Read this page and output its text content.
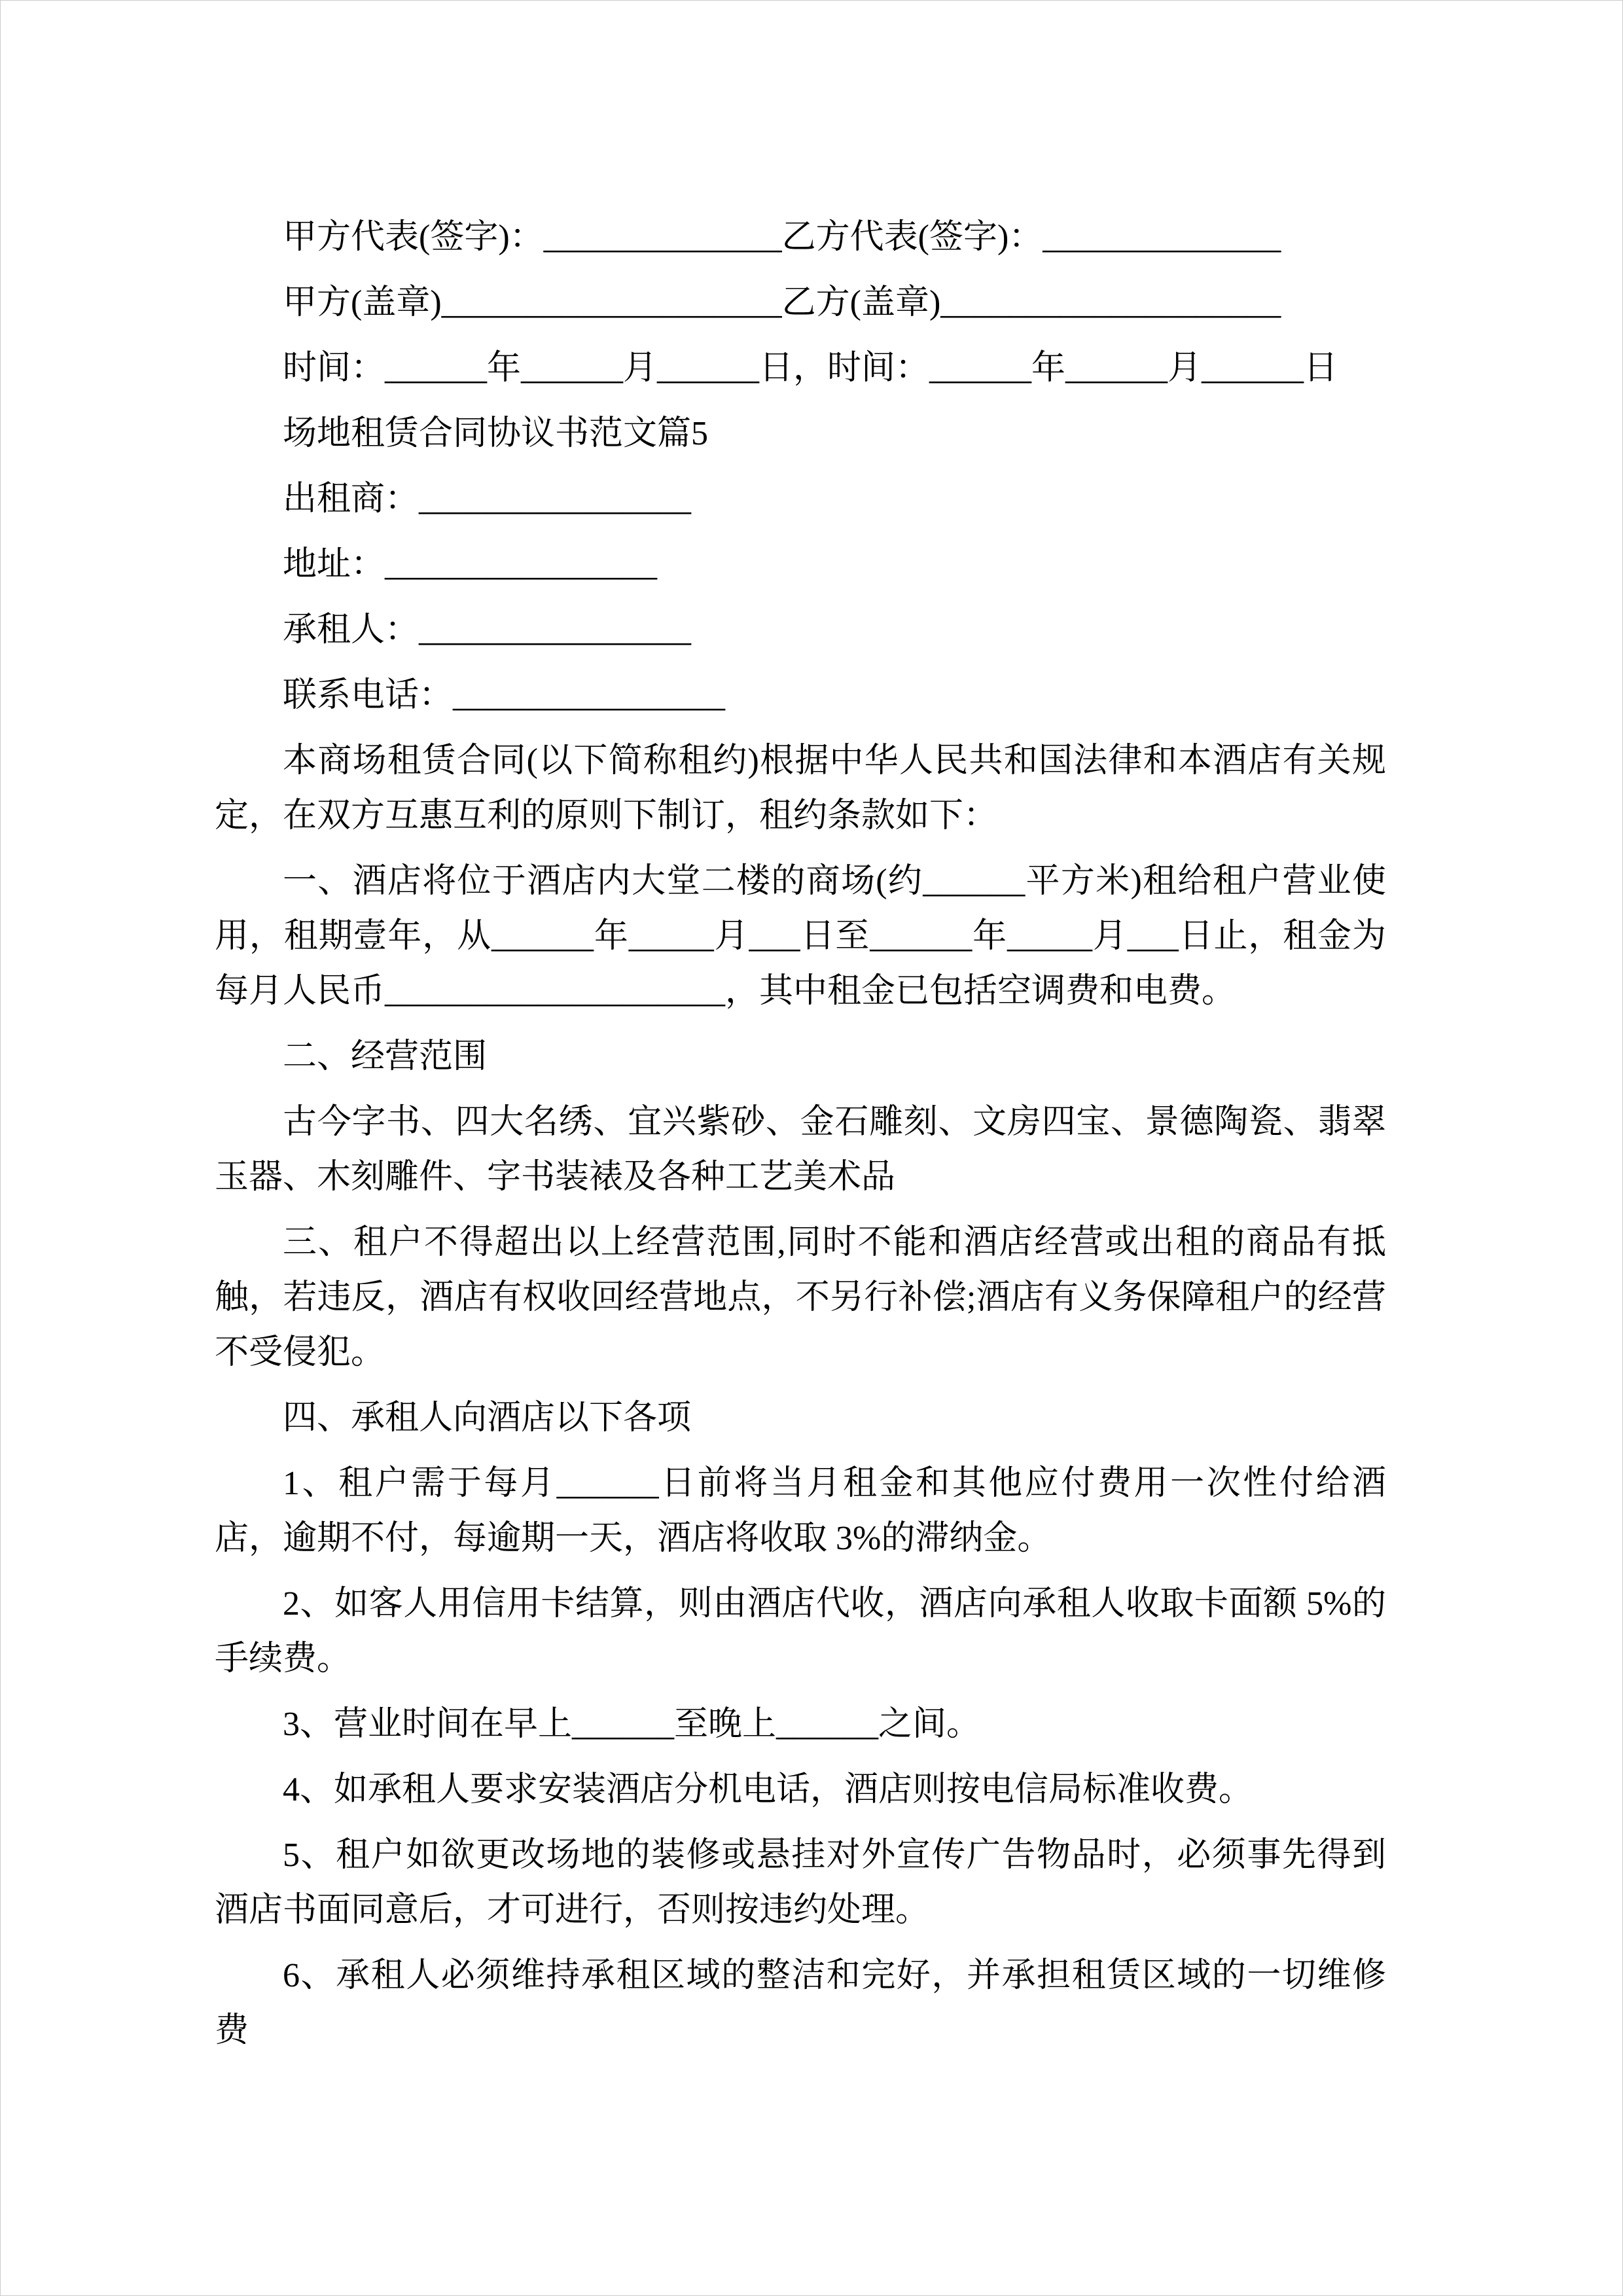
甲方代表(签字)：______________乙方代表(签字)：______________

甲方(盖章)____________________乙方(盖章)____________________

时间：______年______月______日，时间：______年______月______日

场地租赁合同协议书范文篇5

出租商：________________

地址：________________

承租人：________________

联系电话：________________

本商场租赁合同(以下简称租约)根据中华人民共和国法律和本酒店有关规定，在双方互惠互利的原则下制订，租约条款如下：

一、酒店将位于酒店内大堂二楼的商场(约______平方米)租给租户营业使用，租期壹年，从______年_____月___日至______年_____月___日止，租金为每月人民币____________________，其中租金已包括空调费和电费。

二、经营范围

古今字书、四大名绣、宜兴紫砂、金石雕刻、文房四宝、景德陶瓷、翡翠玉器、木刻雕件、字书装裱及各种工艺美术品

三、租户不得超出以上经营范围,同时不能和酒店经营或出租的商品有抵触，若违反，酒店有权收回经营地点，不另行补偿;酒店有义务保障租户的经营不受侵犯。

四、承租人向酒店以下各项

1、租户需于每月______日前将当月租金和其他应付费用一次性付给酒店，逾期不付，每逾期一天，酒店将收取 3%的滞纳金。

2、如客人用信用卡结算，则由酒店代收，酒店向承租人收取卡面额 5%的手续费。

3、营业时间在早上______至晚上______之间。

4、如承租人要求安装酒店分机电话，酒店则按电信局标准收费。

5、租户如欲更改场地的装修或悬挂对外宣传广告物品时，必须事先得到酒店书面同意后，才可进行，否则按违约处理。

6、承租人必须维持承租区域的整洁和完好，并承担租赁区域的一切维修费
